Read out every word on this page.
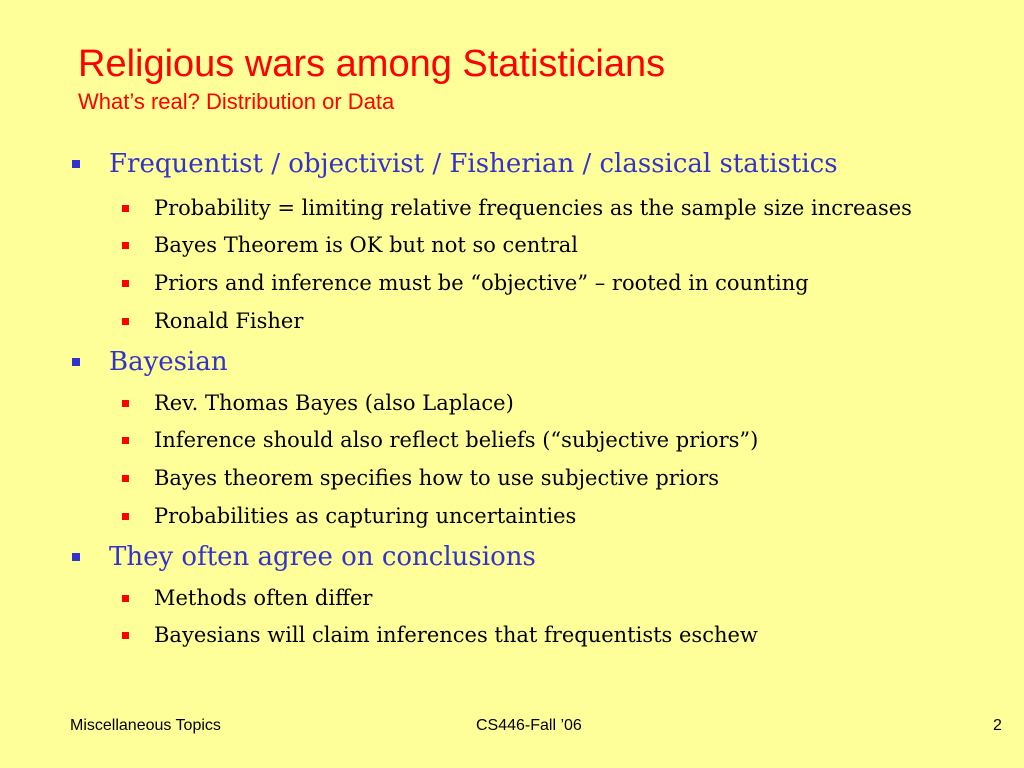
Religious wars among Statisticians
What’s real? Distribution or Data
Frequentist / objectivist / Fisherian / classical statistics
Probability = limiting relative frequencies as the sample size increases
Bayes Theorem is OK but not so central
Priors and inference must be “objective” – rooted in counting
Ronald Fisher
Bayesian
Rev. Thomas Bayes (also Laplace)
Inference should also reflect beliefs (“subjective priors”)
Bayes theorem specifies how to use subjective priors
Probabilities as capturing uncertainties
They often agree on conclusions
Methods often differ
Bayesians will claim inferences that frequentists eschew
Miscellaneous Topics	CS446-Fall ’06	2
